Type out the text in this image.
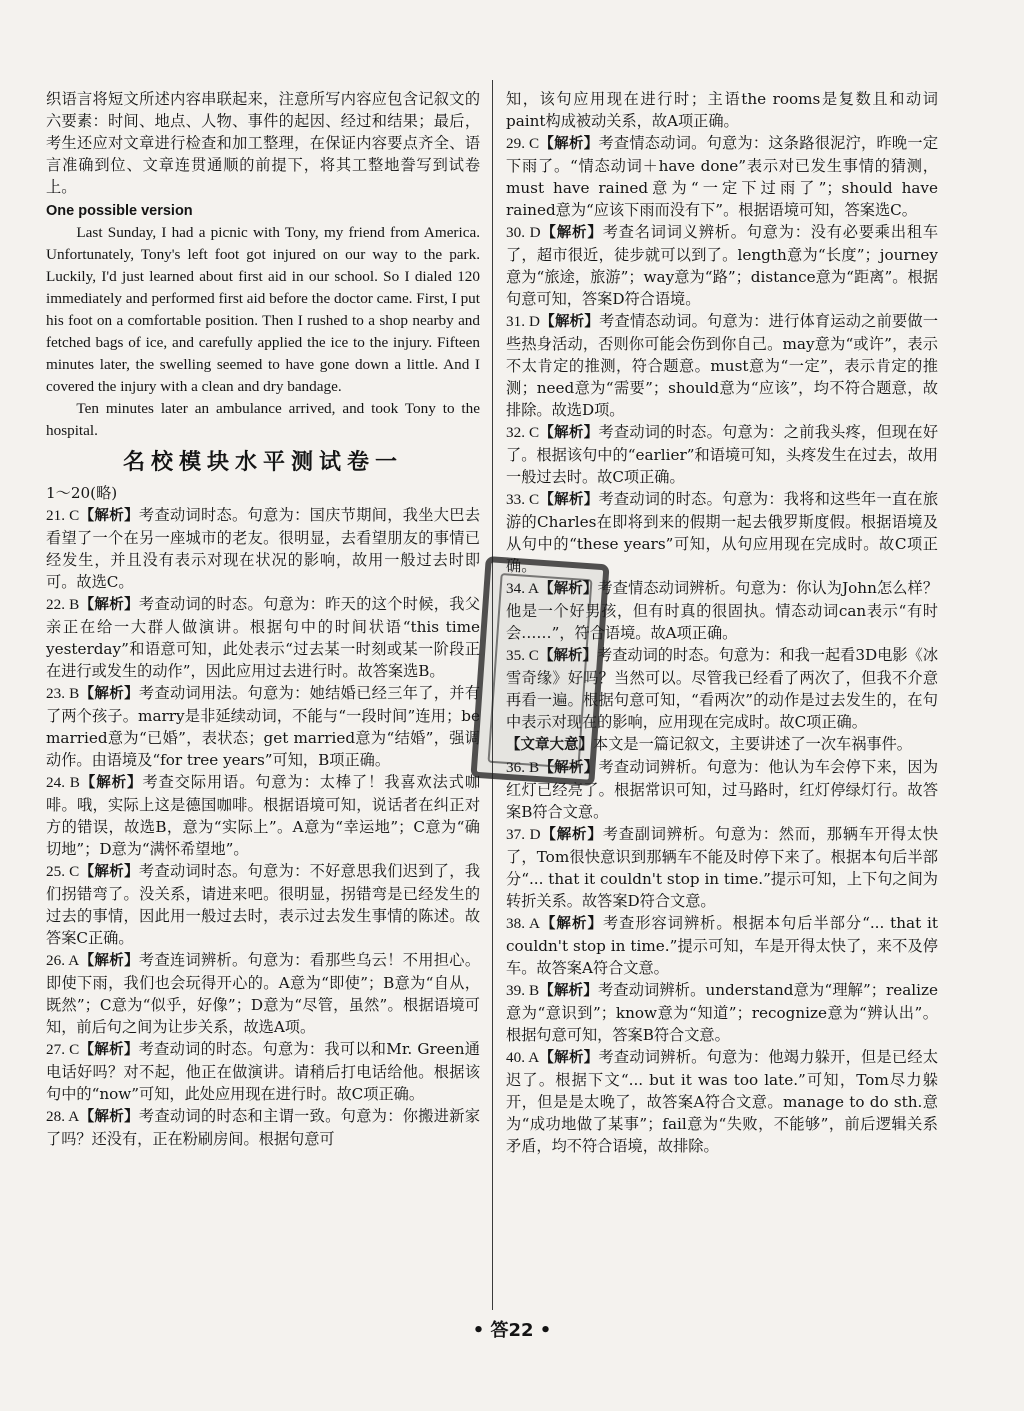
织语言将短文所述内容串联起来，注意所写内容应包含记叙文的六要素：时间、地点、人物、事件的起因、经过和结果；最后，考生还应对文章进行检查和加工整理，在保证内容要点齐全、语言准确到位、文章连贯通顺的前提下，将其工整地誊写到试卷上。

One possible version

Last Sunday, I had a picnic with Tony, my friend from America. Unfortunately, Tony's left foot got injured on our way to the park. Luckily, I'd just learned about first aid in our school. So I dialed 120 immediately and performed first aid before the doctor came. First, I put his foot on a comfortable position. Then I rushed to a shop nearby and fetched bags of ice, and carefully applied the ice to the injury. Fifteen minutes later, the swelling seemed to have gone down a little. And I covered the injury with a clean and dry bandage.

Ten minutes later an ambulance arrived, and took Tony to the hospital.

名校模块水平测试卷一

1～20(略)

21. C【解析】考查动词时态。句意为：国庆节期间，我坐大巴去看望了一个在另一座城市的老友。很明显，去看望朋友的事情已经发生，并且没有表示对现在状况的影响，故用一般过去时即可。故选C。

22. B【解析】考查动词的时态。句意为：昨天的这个时候，我父亲正在给一大群人做演讲。根据句中的时间状语“this time yesterday”和语意可知，此处表示“过去某一时刻或某一阶段正在进行或发生的动作”，因此应用过去进行时。故答案选B。

23. B【解析】考查动词用法。句意为：她结婚已经三年了，并有了两个孩子。marry是非延续动词，不能与“一段时间”连用；be married意为“已婚”，表状态；get married意为“结婚”，强调动作。由语境及“for tree years”可知，B项正确。

24. B【解析】考查交际用语。句意为：太棒了！我喜欢法式咖啡。哦，实际上这是德国咖啡。根据语境可知，说话者在纠正对方的错误，故选B，意为“实际上”。A意为“幸运地”；C意为“确切地”；D意为“满怀希望地”。

25. C【解析】考查动词时态。句意为：不好意思我们迟到了，我们拐错弯了。没关系，请进来吧。很明显，拐错弯是已经发生的过去的事情，因此用一般过去时，表示过去发生事情的陈述。故答案C正确。

26. A【解析】考查连词辨析。句意为：看那些乌云！不用担心。即使下雨，我们也会玩得开心的。A意为“即使”；B意为“自从，既然”；C意为“似乎，好像”；D意为“尽管，虽然”。根据语境可知，前后句之间为让步关系，故选A项。

27. C【解析】考查动词的时态。句意为：我可以和Mr. Green通电话好吗？对不起，他正在做演讲。请稍后打电话给他。根据该句中的“now”可知，此处应用现在进行时。故C项正确。

28. A【解析】考查动词的时态和主谓一致。句意为：你搬进新家了吗？还没有，正在粉刷房间。根据句意可

知，该句应用现在进行时；主语the rooms是复数且和动词paint构成被动关系，故A项正确。

29. C【解析】考查情态动词。句意为：这条路很泥泞，昨晚一定下雨了。“情态动词＋have done”表示对已发生事情的猜测，must have rained意为“一定下过雨了”；should have rained意为“应该下雨而没有下”。根据语境可知，答案选C。

30. D【解析】考查名词词义辨析。句意为：没有必要乘出租车了，超市很近，徒步就可以到了。length意为“长度”；journey意为“旅途，旅游”；way意为“路”；distance意为“距离”。根据句意可知，答案D符合语境。

31. D【解析】考查情态动词。句意为：进行体育运动之前要做一些热身活动，否则你可能会伤到你自己。may意为“或许”，表示不太肯定的推测，符合题意。must意为“一定”，表示肯定的推测；need意为“需要”；should意为“应该”，均不符合题意，故排除。故选D项。

32. C【解析】考查动词的时态。句意为：之前我头疼，但现在好了。根据该句中的“earlier”和语境可知，头疼发生在过去，故用一般过去时。故C项正确。

33. C【解析】考查动词的时态。句意为：我将和这些年一直在旅游的Charles在即将到来的假期一起去俄罗斯度假。根据语境及从句中的“these years”可知，从句应用现在完成时。故C项正确。

34. A【解析】考查情态动词辨析。句意为：你认为John怎么样？他是一个好男孩，但有时真的很固执。情态动词can表示“有时会……”，符合语境。故A项正确。

35. C【解析】考查动词的时态。句意为：和我一起看3D电影《冰雪奇缘》好吗？当然可以。尽管我已经看了两次了，但我不介意再看一遍。根据句意可知，“看两次”的动作是过去发生的，在句中表示对现在的影响，应用现在完成时。故C项正确。

【文章大意】本文是一篇记叙文，主要讲述了一次车祸事件。

36. B【解析】考查动词辨析。句意为：他认为车会停下来，因为红灯已经亮了。根据常识可知，过马路时，红灯停绿灯行。故答案B符合文意。

37. D【解析】考查副词辨析。句意为：然而，那辆车开得太快了，Tom很快意识到那辆车不能及时停下来了。根据本句后半部分“... that it couldn't stop in time.”提示可知，上下句之间为转折关系。故答案D符合文意。

38. A【解析】考查形容词辨析。根据本句后半部分“... that it couldn't stop in time.”提示可知，车是开得太快了，来不及停车。故答案A符合文意。

39. B【解析】考查动词辨析。understand意为“理解”；realize意为“意识到”；know意为“知道”；recognize意为“辨认出”。根据句意可知，答案B符合文意。

40. A【解析】考查动词辨析。句意为：他竭力躲开，但是已经太迟了。根据下文“... but it was too late.”可知，Tom尽力躲开，但是是太晚了，故答案A符合文意。manage to do sth.意为“成功地做了某事”；fail意为“失败，不能够”，前后逻辑关系矛盾，均不符合语境，故排除。

• 答22 •
